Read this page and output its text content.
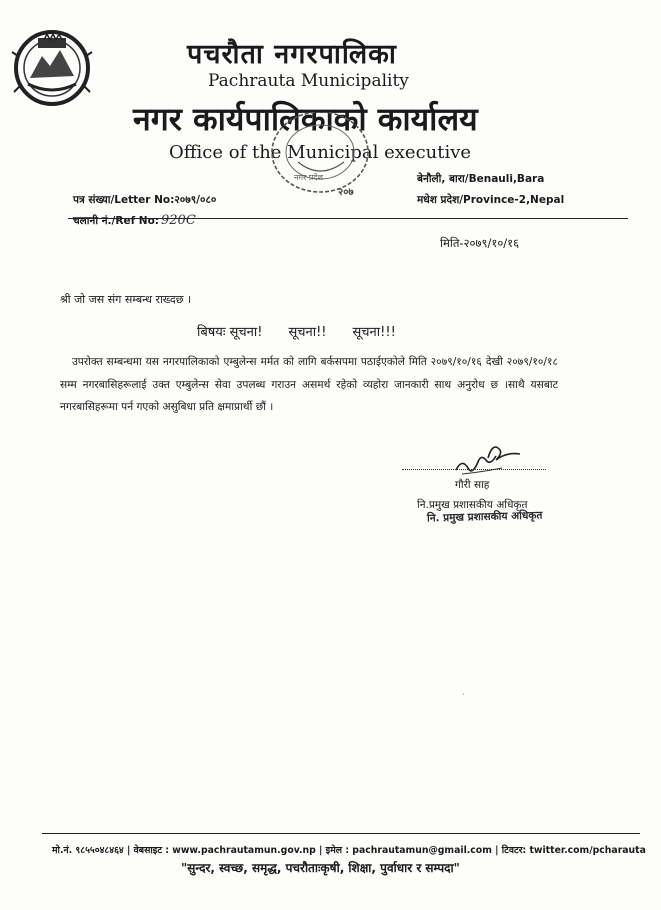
पचरौता नगरपालिका
Pachrauta Municipality
नगर कार्यपालिकाको कार्यालय
Office of the Municipal executive
२०७
नगर प्रदेश
पत्र संख्या/Letter No:२०७९/०८०
चलानी नं./Ref No: 920C
बेनौली, बारा/Benauli,Bara
मधेश प्रदेश/Province-2,Nepal
मिति-२०७९/१०/१६
श्री जो जस संग सम्बन्ध राख्दछ ।
बिषयः सूचना! सूचना!! सूचना!!!
उपरोक्त सम्बन्धमा यस नगरपालिकाको एम्बुलेन्स मर्मत को लागि बर्कसपमा पठाईएकोले मिति २०७९/१०/१६ देखी २०७९/१०/१८ सम्म नगरबासिहरूलाई उक्त एम्बुलेन्स सेवा उपलब्ध गराउन असमर्थ रहेको व्यहोरा जानकारी साथ अनुरोध छ ।साथै यसबाट नगरबासिहरूमा पर्न गएको असुबिधा प्रति क्षमाप्रार्थी छौं ।
गौरी साह
नि.प्रमुख प्रशासकीय अधिकृत
नि. प्रमुख प्रशासकीय अधिकृत
·
मो.नं. ९८५५०४८४६४ | वेबसाइट : www.pachrautamun.gov.np | इमेल : pachrautamun@gmail.com | टिवटर: twitter.com/pcharauta
"सुन्दर, स्वच्छ, समृद्ध, पचरौताःकृषी, शिक्षा, पुर्वाधार र सम्पदा"
